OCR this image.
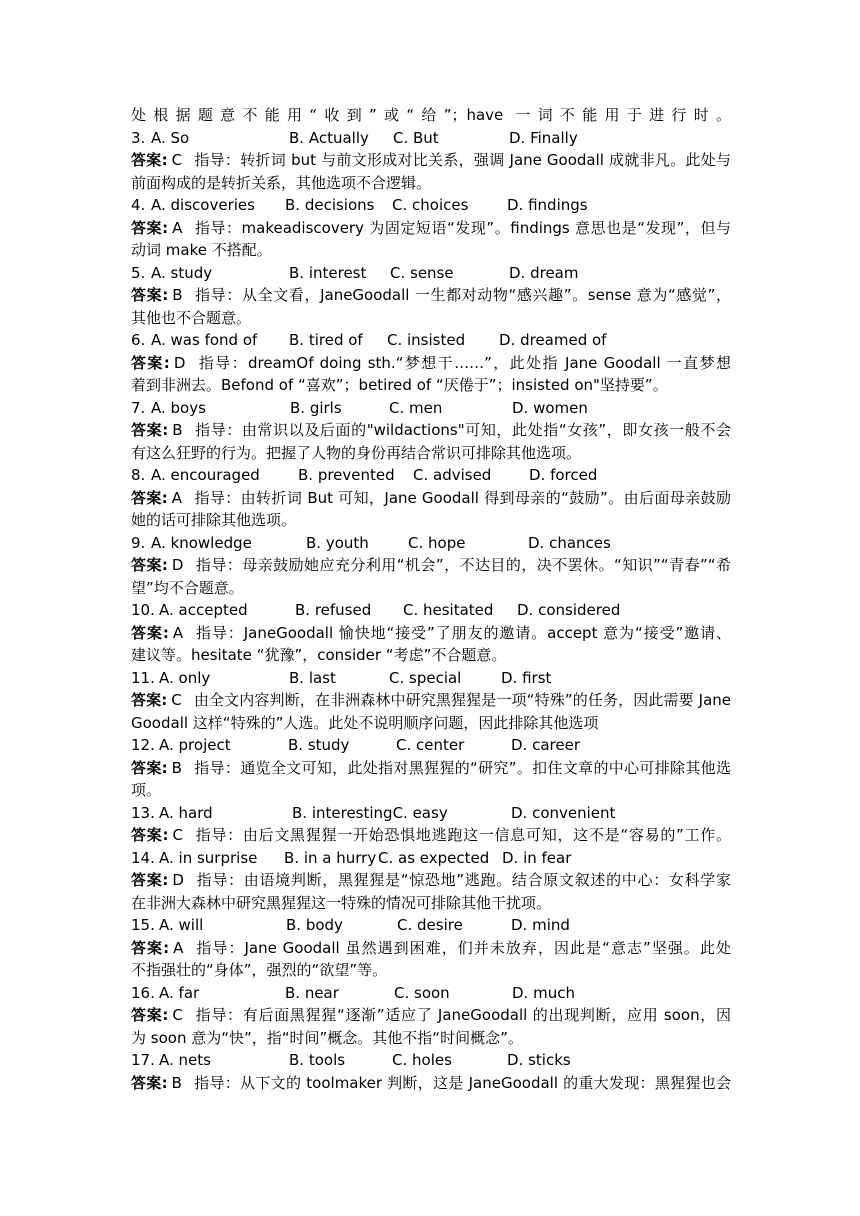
处根据题意不能用“收到”或“给”；have 一词不能用于进行时。
3. A. So	B. Actually C. But	D. Finally
答案: C 指导：转折词 but 与前文形成对比关系，强调 Jane Goodall 成就非凡。此处与
前面构成的是转折关系，其他选项不合逻辑。
4. A. discoveries B. decisions C. choices	D. findings
答案: A 指导：makeadiscovery 为固定短语“发现”。findings 意思也是“发现”，但与
动词 make 不搭配。
5. A. study	B. interest C. sense	D. dream
答案: B 指导：从全文看，JaneGoodall 一生都对动物“感兴趣”。sense 意为“感觉”，
其他也不合题意。
6. A. was fond of B. tired of C. insisted D. dreamed of
答案: D 指导：dreamOf doing sth.“梦想干……”，此处指 Jane Goodall 一直梦想
着到非洲去。Befond of “喜欢”；betired of “厌倦于”；insisted on"坚持要”。
7. A. boys	B. girls	C. men	D. women
答案: B 指导：由常识以及后面的"wildactions"可知，此处指“女孩”，即女孩一般不会
有这么狂野的行为。把握了人物的身份再结合常识可排除其他选项。
8. A. encouraged	B. prevented C. advised	D. forced
答案: A 指导：由转折词 But 可知，Jane Goodall 得到母亲的“鼓励”。由后面母亲鼓励
她的话可排除其他选项。
9. A. knowledge	B. youth	C. hope	D. chances
答案: D 指导：母亲鼓励她应充分利用“机会”，不达目的，决不罢休。“知识”“青春”“希
望”均不合题意。
10. A. accepted	B. refused C. hesitated D. considered
答案: A 指导：JaneGoodall 愉快地“接受”了朋友的邀请。accept 意为“接受”邀请、
建议等。hesitate “犹豫”，consider “考虑”不合题意。
11. A. only	B. last	C. special	D. first
答案: C 由全文内容判断，在非洲森林中研究黑猩猩是一项“特殊”的任务，因此需要 Jane
Goodall 这样“特殊的”人选。此处不说明顺序问题，因此排除其他选项
12. A. project	B. study	C. center	D. career
答案: B 指导：通览全文可知，此处指对黑猩猩的“研究”。扣住文章的中心可排除其他选
项。
13. A. hard	B. interestingC. easy	D. convenient
答案: C 指导：由后文黑猩猩一开始恐惧地逃跑这一信息可知，这不是“容易的”工作。
14. A. in surprise B. in a hurry C. as expected D. in fear
答案: D 指导：由语境判断，黑猩猩是“惊恐地”逃跑。结合原文叙述的中心：女科学家
在非洲大森林中研究黑猩猩这一特殊的情况可排除其他干扰项。
15. A. will	B. body	C. desire	D. mind
答案: A 指导：Jane Goodall 虽然遇到困难，们并未放弃，因此是“意志”坚强。此处
不指强壮的“身体”，强烈的“欲望”等。
16. A. far	B. near	C. soon	D. much
答案: C 指导：有后面黑猩猩“逐渐”适应了 JaneGoodall 的出现判断，应用 soon，因
为 soon 意为“快”，指“时间”概念。其他不指“时间概念”。
17. A. nets	B. tools	C. holes	D. sticks
答案: B 指导：从下文的 toolmaker 判断，这是 JaneGoodall 的重大发现：黑猩猩也会
